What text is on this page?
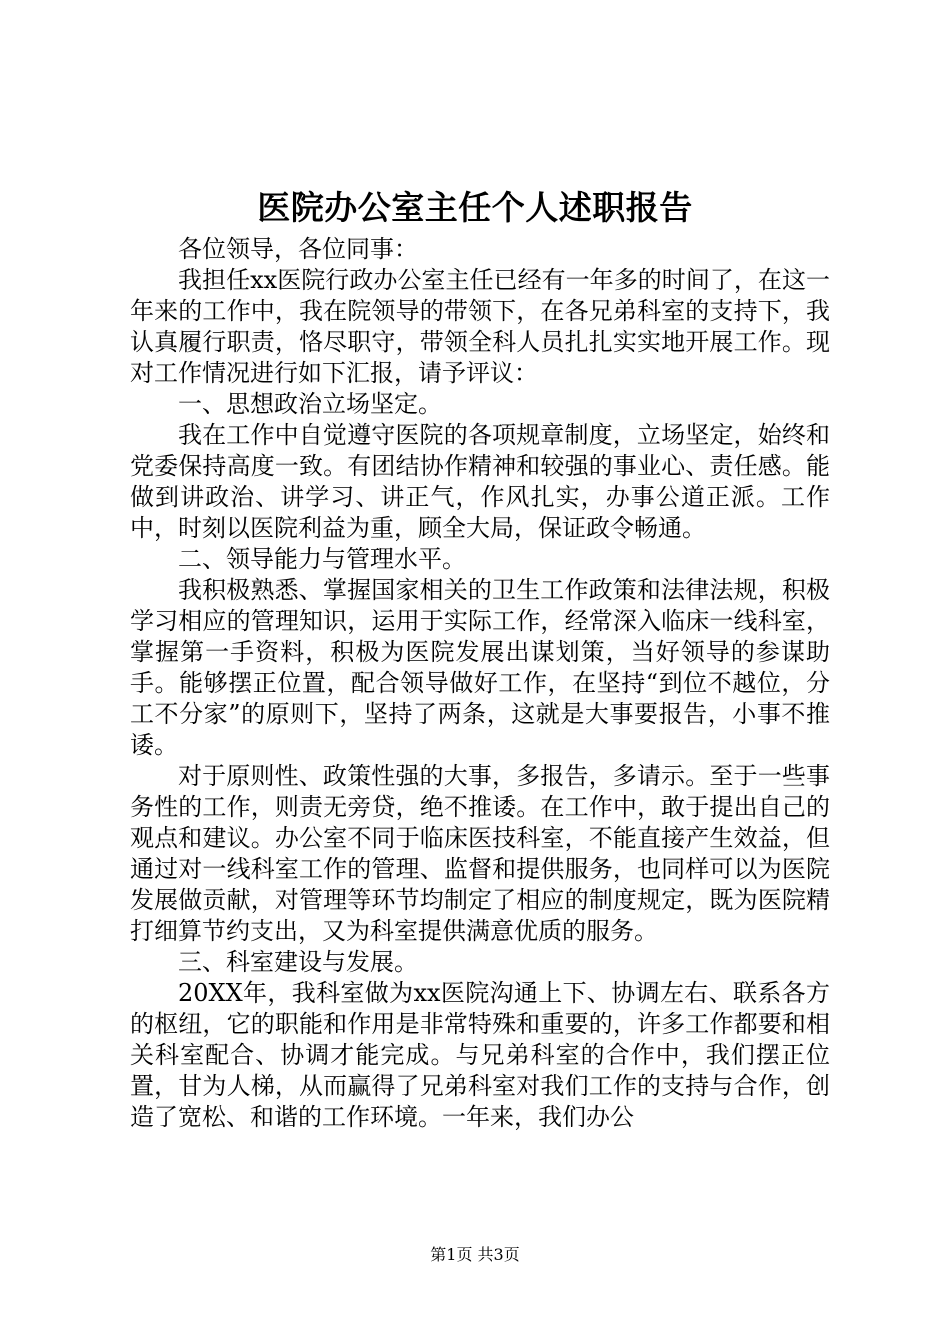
医院办公室主任个人述职报告

各位领导，各位同事：

我担任xx医院行政办公室主任已经有一年多的时间了，在这一年来的工作中，我在院领导的带领下，在各兄弟科室的支持下，我认真履行职责，恪尽职守，带领全科人员扎扎实实地开展工作。现对工作情况进行如下汇报，请予评议：

一、思想政治立场坚定。

我在工作中自觉遵守医院的各项规章制度，立场坚定，始终和党委保持高度一致。有团结协作精神和较强的事业心、责任感。能做到讲政治、讲学习、讲正气，作风扎实，办事公道正派。工作中，时刻以医院利益为重，顾全大局，保证政令畅通。

二、领导能力与管理水平。

我积极熟悉、掌握国家相关的卫生工作政策和法律法规，积极学习相应的管理知识，运用于实际工作，经常深入临床一线科室，掌握第一手资料，积极为医院发展出谋划策，当好领导的参谋助手。能够摆正位置，配合领导做好工作，在坚持“到位不越位，分工不分家”的原则下，坚持了两条，这就是大事要报告，小事不推诿。

对于原则性、政策性强的大事，多报告，多请示。至于一些事务性的工作，则责无旁贷，绝不推诿。在工作中，敢于提出自己的观点和建议。办公室不同于临床医技科室，不能直接产生效益，但通过对一线科室工作的管理、监督和提供服务，也同样可以为医院发展做贡献，对管理等环节均制定了相应的制度规定，既为医院精打细算节约支出，又为科室提供满意优质的服务。

三、科室建设与发展。

20XX年，我科室做为xx医院沟通上下、协调左右、联系各方的枢纽，它的职能和作用是非常特殊和重要的，许多工作都要和相关科室配合、协调才能完成。与兄弟科室的合作中，我们摆正位置，甘为人梯，从而赢得了兄弟科室对我们工作的支持与合作，创造了宽松、和谐的工作环境。一年来，我们办公

第1页 共3页
